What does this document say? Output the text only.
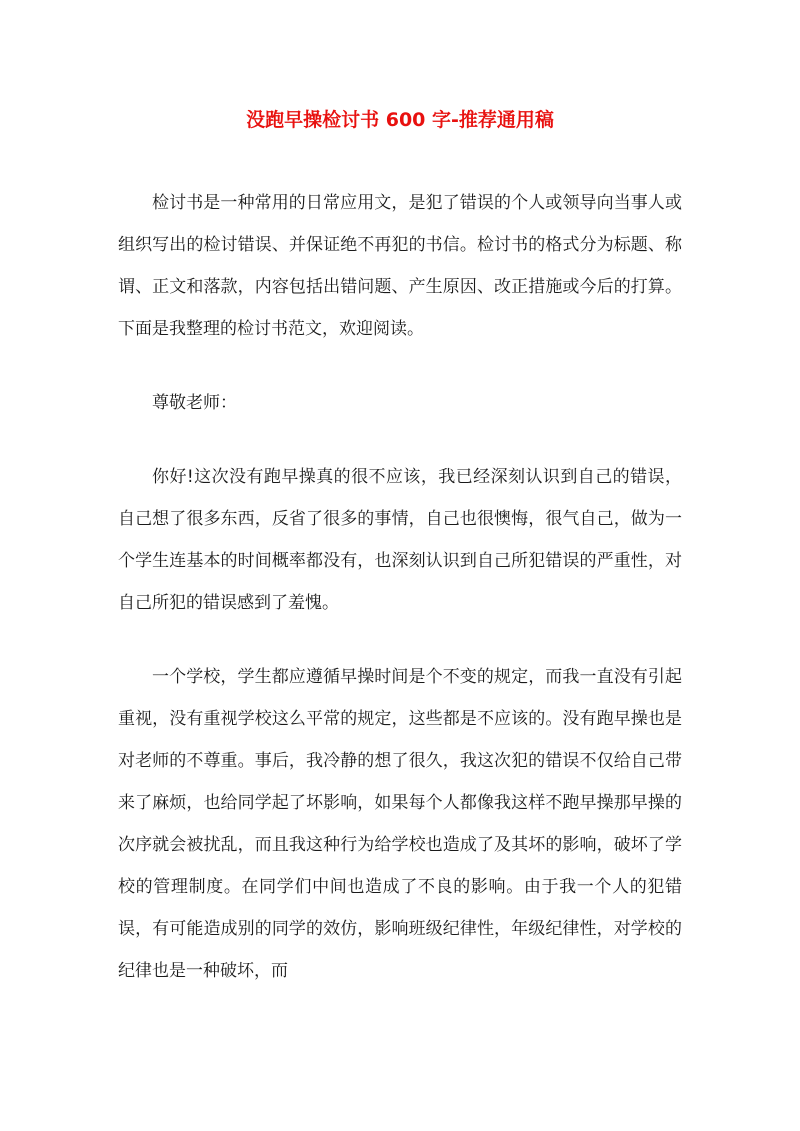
没跑早操检讨书 600 字-推荐通用稿

检讨书是一种常用的日常应用文，是犯了错误的个人或领导向当事人或组织写出的检讨错误、并保证绝不再犯的书信。检讨书的格式分为标题、称谓、正文和落款，内容包括出错问题、产生原因、改正措施或今后的打算。下面是我整理的检讨书范文，欢迎阅读。

尊敬老师：

你好!这次没有跑早操真的很不应该，我已经深刻认识到自己的错误，自己想了很多东西，反省了很多的事情，自己也很懊悔，很气自己，做为一个学生连基本的时间概率都没有，也深刻认识到自己所犯错误的严重性，对自己所犯的错误感到了羞愧。

一个学校，学生都应遵循早操时间是个不变的规定，而我一直没有引起重视，没有重视学校这么平常的规定，这些都是不应该的。没有跑早操也是对老师的不尊重。事后，我冷静的想了很久，我这次犯的错误不仅给自己带来了麻烦，也给同学起了坏影响，如果每个人都像我这样不跑早操那早操的次序就会被扰乱，而且我这种行为给学校也造成了及其坏的影响，破坏了学校的管理制度。在同学们中间也造成了不良的影响。由于我一个人的犯错误，有可能造成别的同学的效仿，影响班级纪律性，年级纪律性，对学校的纪律也是一种破坏，而
